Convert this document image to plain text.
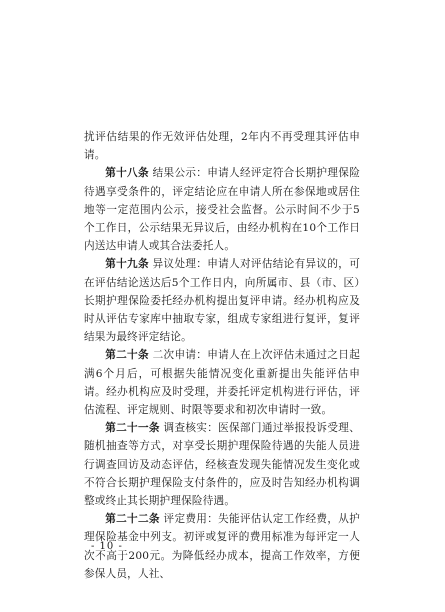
扰评估结果的作无效评估处理，2年内不再受理其评估申请。

第十八条 结果公示：申请人经评定符合长期护理保险待遇享受条件的，评定结论应在申请人所在参保地或居住地等一定范围内公示，接受社会监督。公示时间不少于5个工作日，公示结果无异议后，由经办机构在10个工作日内送达申请人或其合法委托人。

第十九条 异议处理：申请人对评估结论有异议的，可在评估结论送达后5个工作日内，向所属市、县（市、区）长期护理保险委托经办机构提出复评申请。经办机构应及时从评估专家库中抽取专家，组成专家组进行复评，复评结果为最终评定结论。

第二十条 二次申请：申请人在上次评估未通过之日起满6个月后，可根据失能情况变化重新提出失能评估申请。经办机构应及时受理，并委托评定机构进行评估，评估流程、评定规则、时限等要求和初次申请时一致。

第二十一条 调查核实：医保部门通过举报投诉受理、随机抽查等方式，对享受长期护理保险待遇的失能人员进行调查回访及动态评估，经核查发现失能情况发生变化或不符合长期护理保险支付条件的，应及时告知经办机构调整或终止其长期护理保险待遇。

第二十二条 评定费用：失能评估认定工作经费，从护理保险基金中列支。初评或复评的费用标准为每评定一人次不高于200元。为降低经办成本，提高工作效率，方便参保人员，人社、

- 10 -
